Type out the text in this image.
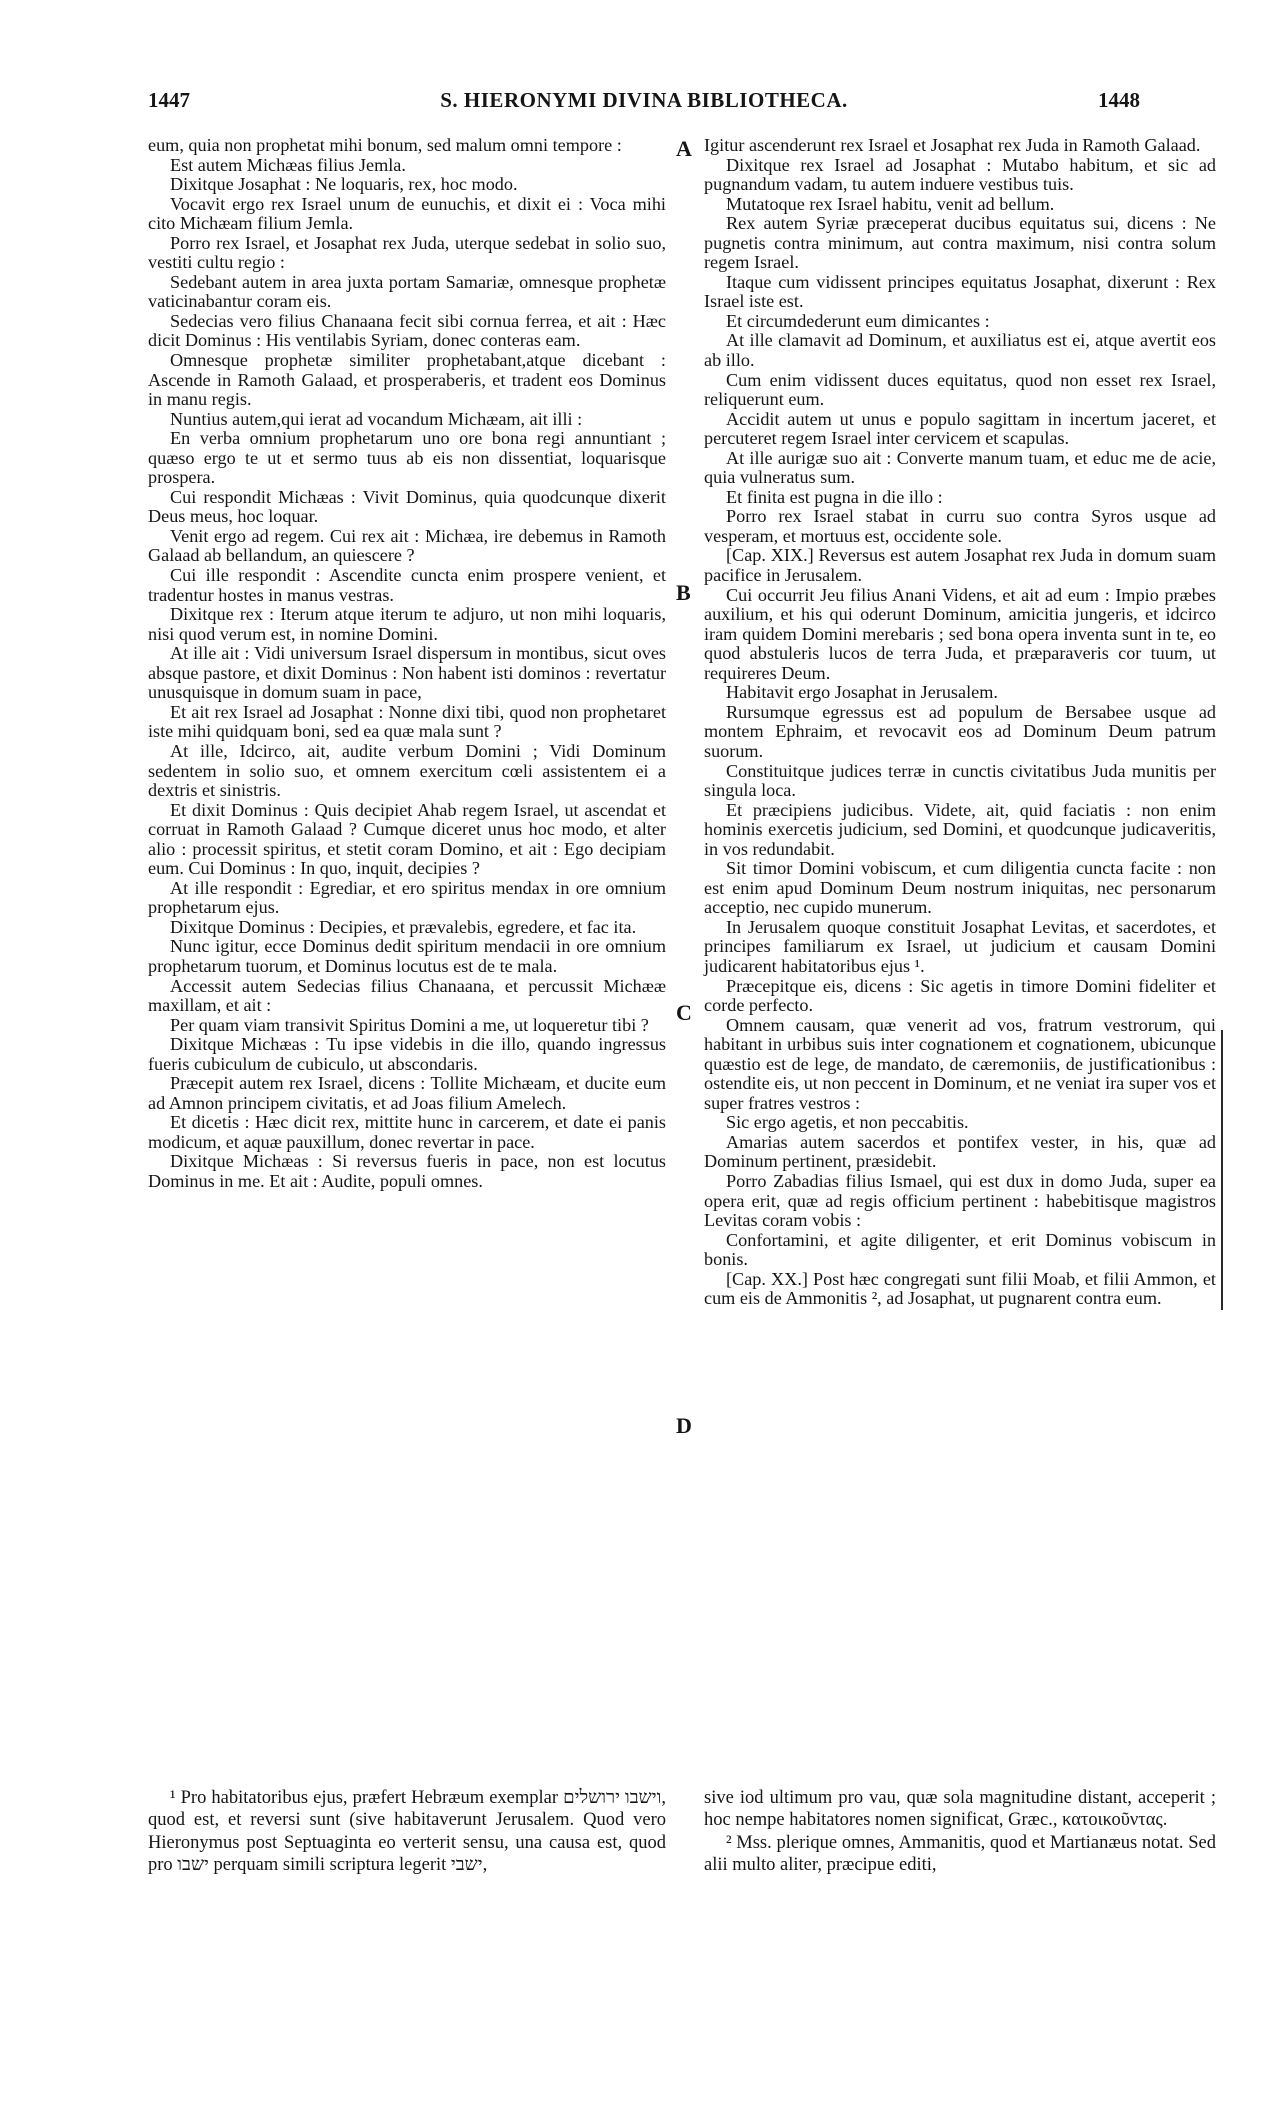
1447	S. HIERONYMI DIVINA BIBLIOTHECA.	1448
A
B
C
D

eum, quia non prophetat mihi bonum, sed malum omni tempore :

Est autem Michæas filius Jemla.

Dixitque Josaphat : Ne loquaris, rex, hoc modo.

Vocavit ergo rex Israel unum de eunuchis, et dixit ei : Voca mihi cito Michæam filium Jemla.

Porro rex Israel, et Josaphat rex Juda, uterque sedebat in solio suo, vestiti cultu regio :

Sedebant autem in area juxta portam Samariæ, omnesque prophetæ vaticinabantur coram eis.

Sedecias vero filius Chanaana fecit sibi cornua ferrea, et ait : Hæc dicit Dominus : His ventilabis Syriam, donec conteras eam.

Omnesque prophetæ similiter prophetabant,atque dicebant : Ascende in Ramoth Galaad, et prosperaberis, et tradent eos Dominus in manu regis.

Nuntius autem,qui ierat ad vocandum Michæam, ait illi :

En verba omnium prophetarum uno ore bona regi annuntiant ; quæso ergo te ut et sermo tuus ab eis non dissentiat, loquarisque prospera.

Cui respondit Michæas : Vivit Dominus, quia quodcunque dixerit Deus meus, hoc loquar.

Venit ergo ad regem. Cui rex ait : Michæa, ire debemus in Ramoth Galaad ab bellandum, an quiescere ?

Cui ille respondit : Ascendite cuncta enim prospere venient, et tradentur hostes in manus vestras.

Dixitque rex : Iterum atque iterum te adjuro, ut non mihi loquaris, nisi quod verum est, in nomine Domini.

At ille ait : Vidi universum Israel dispersum in montibus, sicut oves absque pastore, et dixit Dominus : Non habent isti dominos : revertatur unusquisque in domum suam in pace,

Et ait rex Israel ad Josaphat : Nonne dixi tibi, quod non prophetaret iste mihi quidquam boni, sed ea quæ mala sunt ?

At ille, Idcirco, ait, audite verbum Domini ; Vidi Dominum sedentem in solio suo, et omnem exercitum cœli assistentem ei a dextris et sinistris.

Et dixit Dominus : Quis decipiet Ahab regem Israel, ut ascendat et corruat in Ramoth Galaad ? Cumque diceret unus hoc modo, et alter alio : processit spiritus, et stetit coram Domino, et ait : Ego decipiam eum. Cui Dominus : In quo, inquit, decipies ?

At ille respondit : Egrediar, et ero spiritus mendax in ore omnium prophetarum ejus.

Dixitque Dominus : Decipies, et prævalebis, egredere, et fac ita.

Nunc igitur, ecce Dominus dedit spiritum mendacii in ore omnium prophetarum tuorum, et Dominus locutus est de te mala.

Accessit autem Sedecias filius Chanaana, et percussit Michææ maxillam, et ait :

Per quam viam transivit Spiritus Domini a me, ut loqueretur tibi ?

Dixitque Michæas : Tu ipse videbis in die illo, quando ingressus fueris cubiculum de cubiculo, ut abscondaris.

Præcepit autem rex Israel, dicens : Tollite Michæam, et ducite eum ad Amnon principem civitatis, et ad Joas filium Amelech.

Et dicetis : Hæc dicit rex, mittite hunc in carcerem, et date ei panis modicum, et aquæ pauxillum, donec revertar in pace.

Dixitque Michæas : Si reversus fueris in pace, non est locutus Dominus in me. Et ait : Audite, populi omnes.

Igitur ascenderunt rex Israel et Josaphat rex Juda in Ramoth Galaad.

Dixitque rex Israel ad Josaphat : Mutabo habitum, et sic ad pugnandum vadam, tu autem induere vestibus tuis.

Mutatoque rex Israel habitu, venit ad bellum.

Rex autem Syriæ præceperat ducibus equitatus sui, dicens : Ne pugnetis contra minimum, aut contra maximum, nisi contra solum regem Israel.

Itaque cum vidissent principes equitatus Josaphat, dixerunt : Rex Israel iste est.

Et circumdederunt eum dimicantes :

At ille clamavit ad Dominum, et auxiliatus est ei, atque avertit eos ab illo.

Cum enim vidissent duces equitatus, quod non esset rex Israel, reliquerunt eum.

Accidit autem ut unus e populo sagittam in incertum jaceret, et percuteret regem Israel inter cervicem et scapulas.

At ille aurigæ suo ait : Converte manum tuam, et educ me de acie, quia vulneratus sum.

Et finita est pugna in die illo :

Porro rex Israel stabat in curru suo contra Syros usque ad vesperam, et mortuus est, occidente sole.

[Cap. XIX.] Reversus est autem Josaphat rex Juda in domum suam pacifice in Jerusalem.

Cui occurrit Jeu filius Anani Videns, et ait ad eum : Impio præbes auxilium, et his qui oderunt Dominum, amicitia jungeris, et idcirco iram quidem Domini merebaris ; sed bona opera inventa sunt in te, eo quod abstuleris lucos de terra Juda, et præparaveris cor tuum, ut requireres Deum.

Habitavit ergo Josaphat in Jerusalem.

Rursumque egressus est ad populum de Bersabee usque ad montem Ephraim, et revocavit eos ad Dominum Deum patrum suorum.

Constituitque judices terræ in cunctis civitatibus Juda munitis per singula loca.

Et præcipiens judicibus. Videte, ait, quid faciatis : non enim hominis exercetis judicium, sed Domini, et quodcunque judicaveritis, in vos redundabit.

Sit timor Domini vobiscum, et cum diligentia cuncta facite : non est enim apud Dominum Deum nostrum iniquitas, nec personarum acceptio, nec cupido munerum.

In Jerusalem quoque constituit Josaphat Levitas, et sacerdotes, et principes familiarum ex Israel, ut judicium et causam Domini judicarent habitatoribus ejus ¹.

Præcepitque eis, dicens : Sic agetis in timore Domini fideliter et corde perfecto.

Omnem causam, quæ venerit ad vos, fratrum vestrorum, qui habitant in urbibus suis inter cognationem et cognationem, ubicunque quæstio est de lege, de mandato, de cæremoniis, de justificationibus : ostendite eis, ut non peccent in Dominum, et ne veniat ira super vos et super fratres vestros :

Sic ergo agetis, et non peccabitis.

Amarias autem sacerdos et pontifex vester, in his, quæ ad Dominum pertinent, præsidebit.

Porro Zabadias filius Ismael, qui est dux in domo Juda, super ea opera erit, quæ ad regis officium pertinent : habebitisque magistros Levitas coram vobis :

Confortamini, et agite diligenter, et erit Dominus vobiscum in bonis.

[Cap. XX.] Post hæc congregati sunt filii Moab, et filii Ammon, et cum eis de Ammonitis ², ad Josaphat, ut pugnarent contra eum.

¹ Pro habitatoribus ejus, præfert Hebræum exemplar וישבו ירושלים, quod est, et reversi sunt (sive habitaverunt Jerusalem. Quod vero Hieronymus post Septuaginta eo verterit sensu, una causa est, quod pro ישבו perquam simili scriptura legerit ישבי,

sive iod ultimum pro vau, quæ sola magnitudine distant, acceperit ; hoc nempe habitatores nomen significat, Græc., κατοικοῦντας.

² Mss. plerique omnes, Ammanitis, quod et Martianæus notat. Sed alii multo aliter, præcipue editi,
